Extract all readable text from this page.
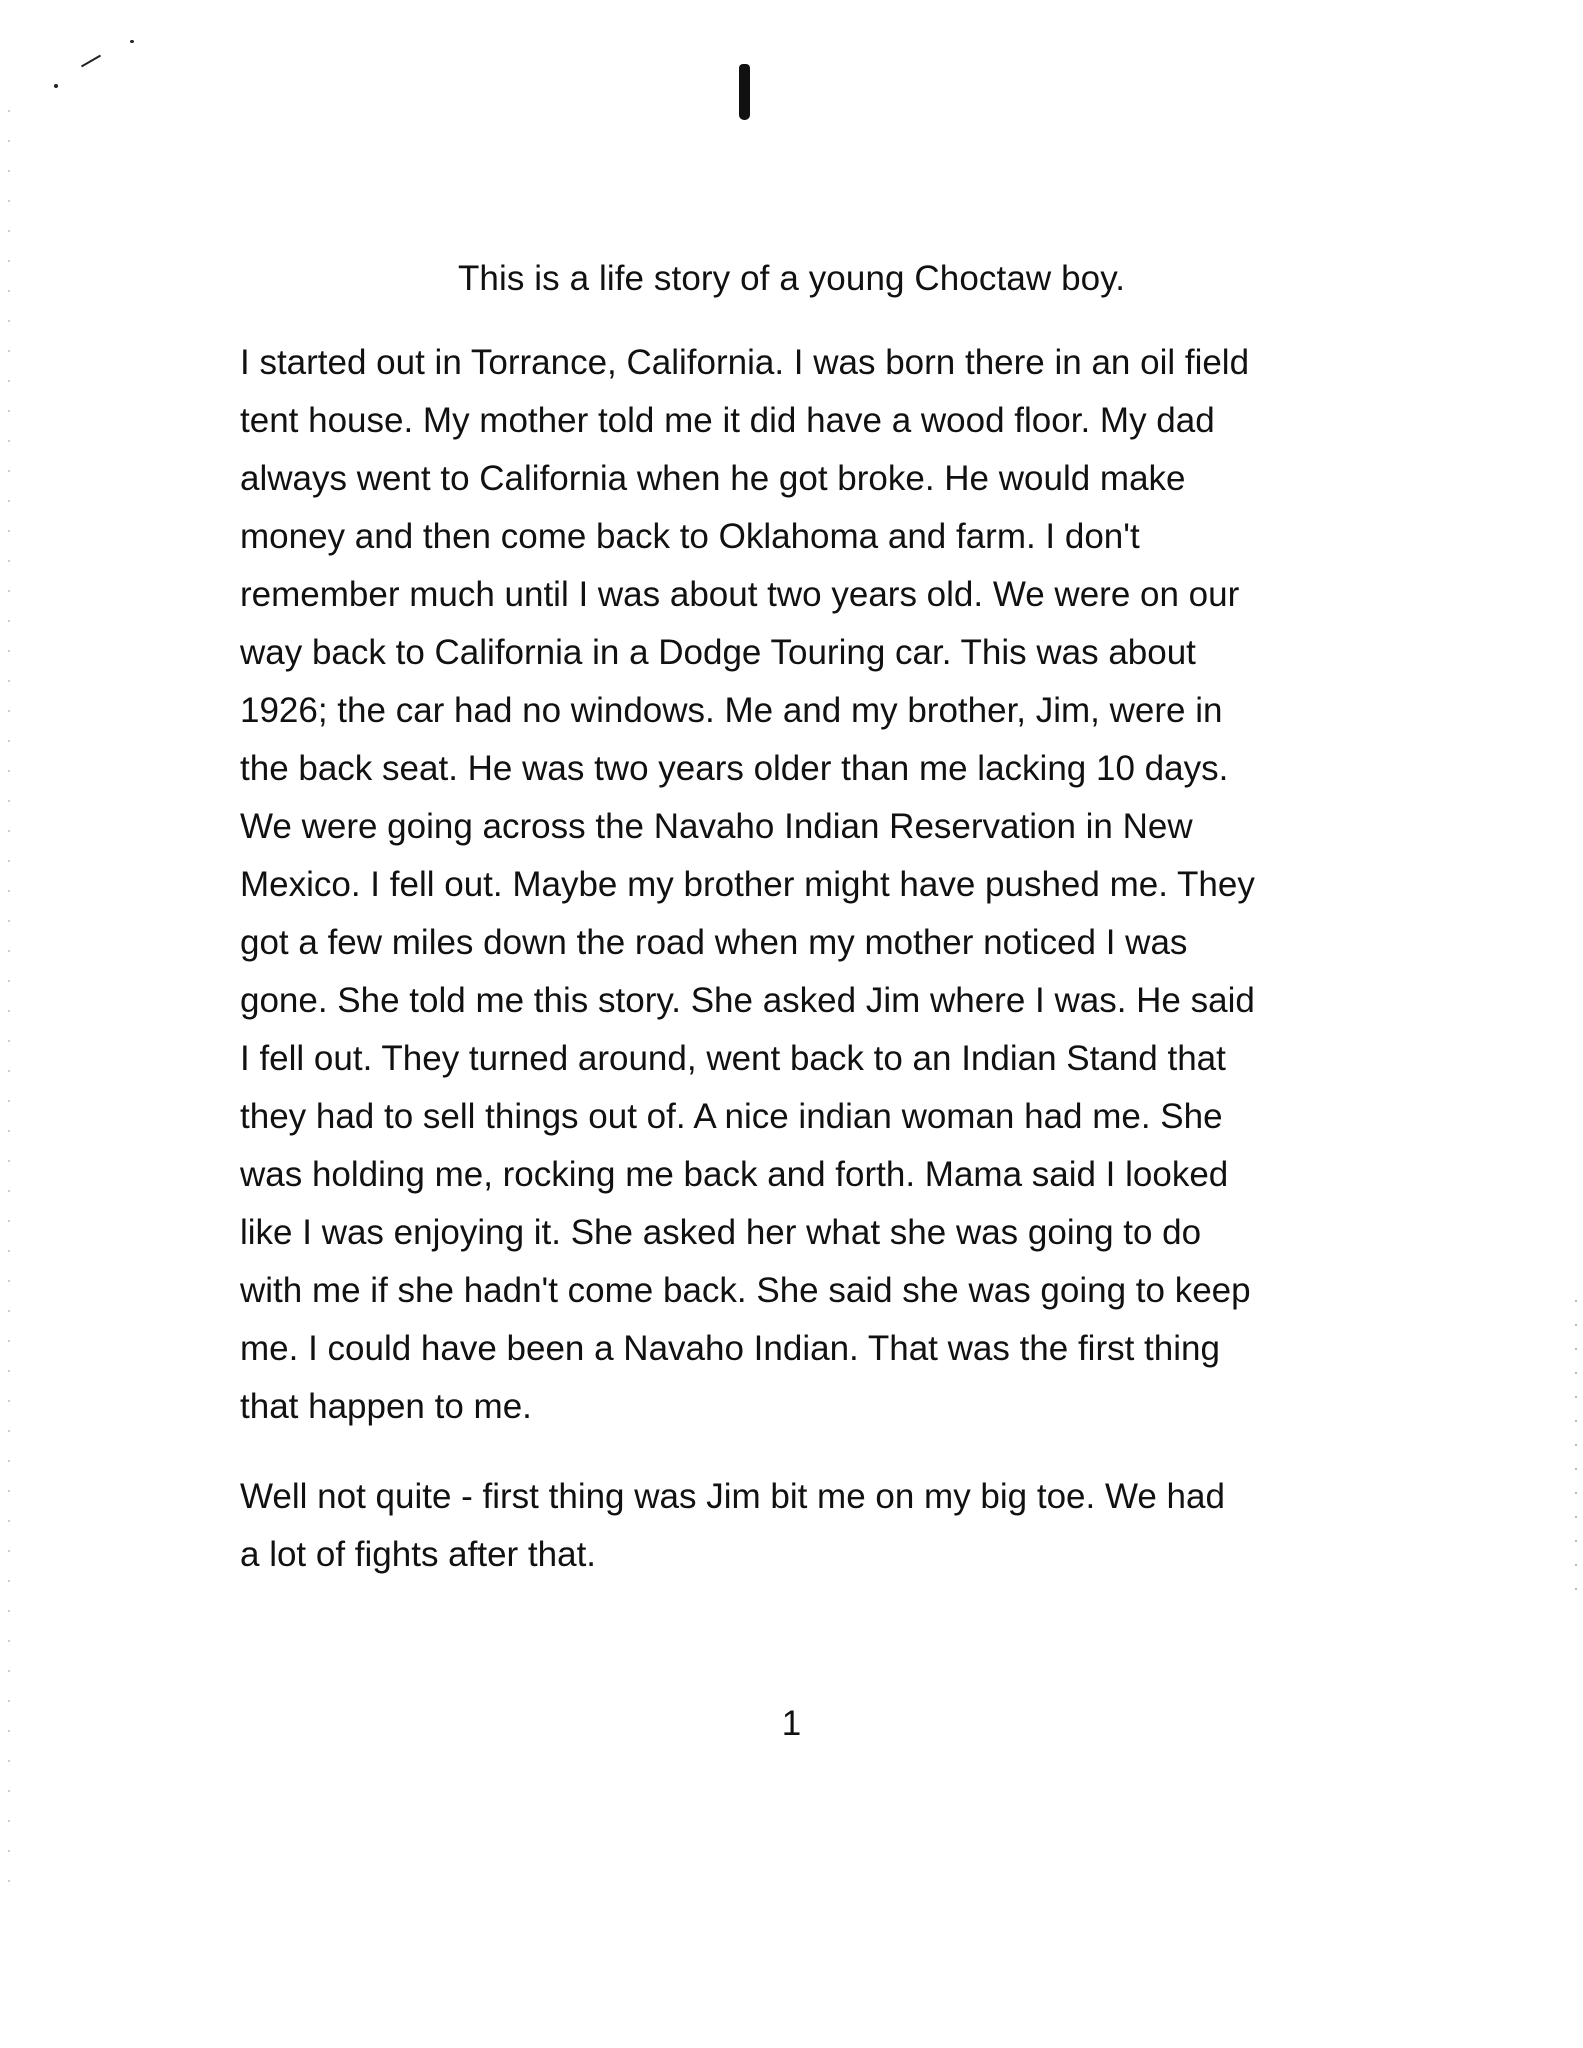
This is a life story of a young Choctaw boy.
I started out in Torrance, California. I was born there in an oil field
tent house. My mother told me it did have a wood floor. My dad
always went to California when he got broke. He would make
money and then come back to Oklahoma and farm. I don't
remember much until I was about two years old. We were on our
way back to California in a Dodge Touring car. This was about
1926; the car had no windows. Me and my brother, Jim, were in
the back seat. He was two years older than me lacking 10 days.
We were going across the Navaho Indian Reservation in New
Mexico. I fell out. Maybe my brother might have pushed me. They
got a few miles down the road when my mother noticed I was
gone. She told me this story. She asked Jim where I was. He said
I fell out. They turned around, went back to an Indian Stand that
they had to sell things out of. A nice indian woman had me. She
was holding me, rocking me back and forth. Mama said I looked
like I was enjoying it. She asked her what she was going to do
with me if she hadn't come back. She said she was going to keep
me. I could have been a Navaho Indian. That was the first thing
that happen to me.
Well not quite - first thing was Jim bit me on my big toe. We had
a lot of fights after that.
1
